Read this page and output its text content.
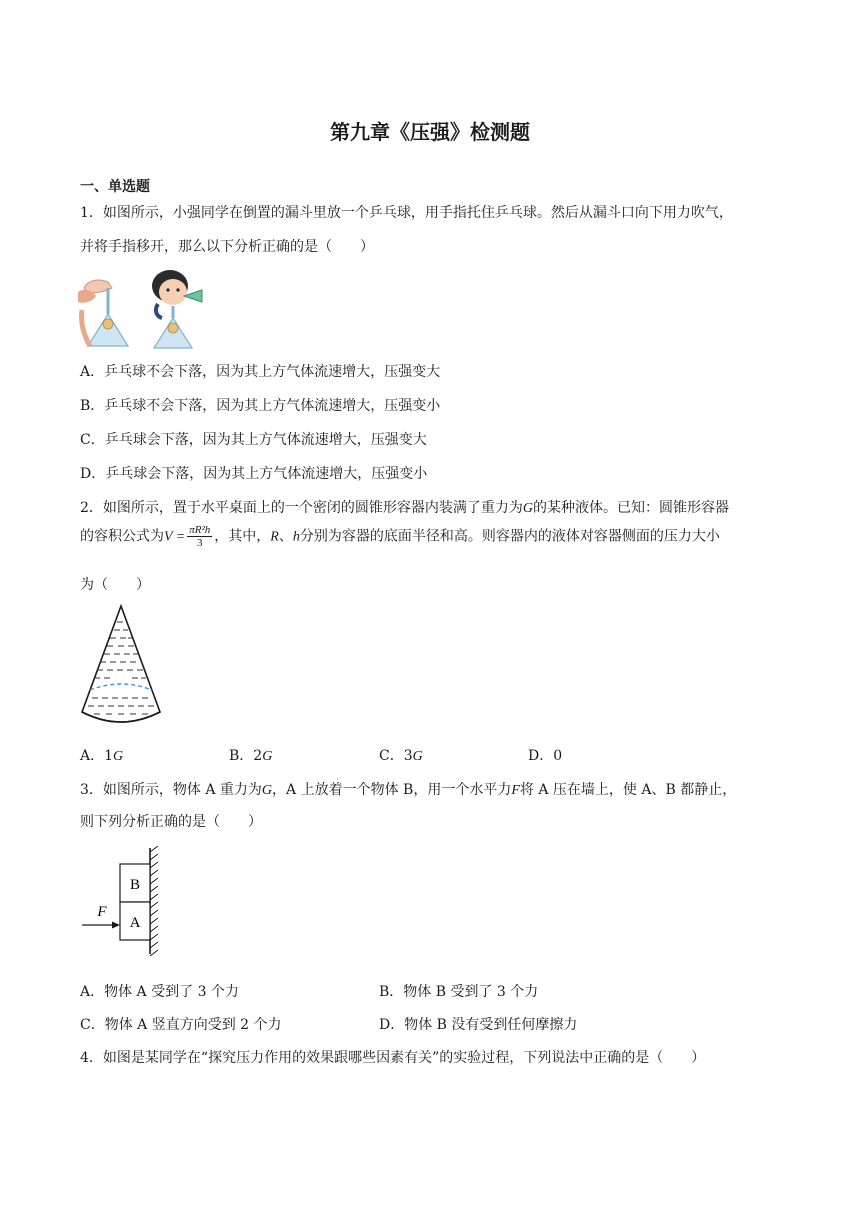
第九章《压强》检测题
一、单选题
1．如图所示，小强同学在倒置的漏斗里放一个乒乓球，用手指托住乒乓球。然后从漏斗口向下用力吹气，
并将手指移开，那么以下分析正确的是（　　）
A．乒乓球不会下落，因为其上方气体流速增大，压强变大
B．乒乓球不会下落，因为其上方气体流速增大，压强变小
C．乒乓球会下落，因为其上方气体流速增大，压强变大
D．乒乓球会下落，因为其上方气体流速增大，压强变小
2．如图所示，置于水平桌面上的一个密闭的圆锥形容器内装满了重力为G的某种液体。已知：圆锥形容器
的容积公式为$V = \frac{\text{πR²h}}{3}$ ，其中，R、h分别为容器的底面半径和高。则容器内的液体对容器侧面的压力大小
为（　　）
A．1G	B．2G	C．3G	D．0
3．如图所示，物体 A 重力为G，A 上放着一个物体 B，用一个水平力F将 A 压在墙上，使 A、B 都静止，
则下列分析正确的是（　　）
B
A
F
A．物体 A 受到了 3 个力	B．物体 B 受到了 3 个力
C．物体 A 竖直方向受到 2 个力	D．物体 B 没有受到任何摩擦力
4．如图是某同学在“探究压力作用的效果跟哪些因素有关”的实验过程，下列说法中正确的是（　　）
